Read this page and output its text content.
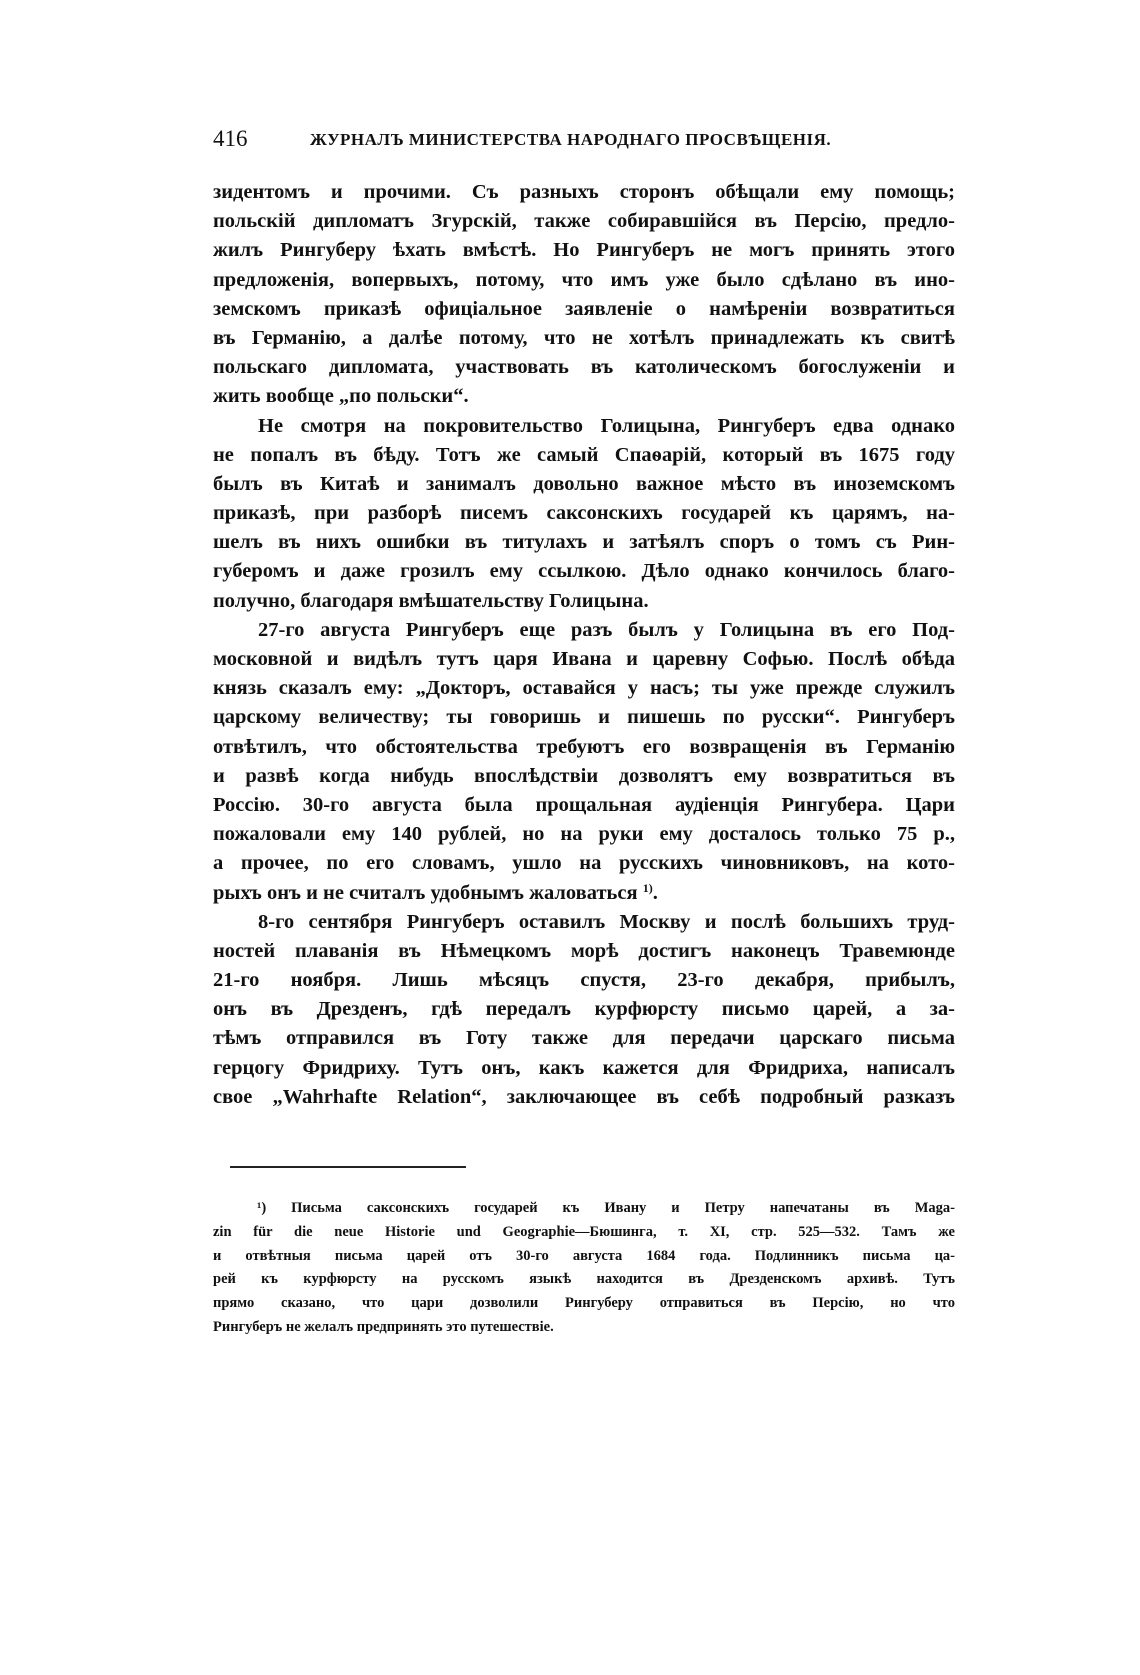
416	ЖУРНАЛЪ МИНИСТЕРСТВА НАРОДНАГО ПРОСВѢЩЕНІЯ.
зидентомъ и прочими. Съ разныхъ сторонъ обѣщали ему помощь;
польскій дипломатъ Згурскій, также собиравшійся въ Персію, предло-
жилъ Рингуберу ѣхать вмѣстѣ. Но Рингуберъ не могъ принять этого
предложенія, вопервыхъ, потому, что имъ уже было сдѣлано въ ино-
земскомъ приказѣ офиціальное заявленіе о намѣреніи возвратиться
въ Германію, а далѣе потому, что не хотѣлъ принадлежать къ свитѣ
польскаго дипломата, участвовать въ католическомъ богослуженіи и
жить вообще „по польски“.
Не смотря на покровительство Голицына, Рингуберъ едва однако
не попалъ въ бѣду. Тотъ же самый Спаѳарій, который въ 1675 году
былъ въ Китаѣ и занималъ довольно важное мѣсто въ иноземскомъ
приказѣ, при разборѣ писемъ саксонскихъ государей къ царямъ, на-
шелъ въ нихъ ошибки въ титулахъ и затѣялъ споръ о томъ съ Рин-
губеромъ и даже грозилъ ему ссылкою. Дѣло однако кончилось благо-
получно, благодаря вмѣшательству Голицына.
27-го августа Рингуберъ еще разъ былъ у Голицына въ его Под-
московной и видѣлъ тутъ царя Ивана и царевну Софью. Послѣ обѣда
князь сказалъ ему: „Докторъ, оставайся у насъ; ты уже прежде служилъ
царскому величеству; ты говоришь и пишешь по русски“. Рингуберъ
отвѣтилъ, что обстоятельства требуютъ его возвращенія въ Германію
и развѣ когда нибудь впослѣдствіи дозволятъ ему возвратиться въ
Россію. 30-го августа была прощальная аудіенція Рингубера. Цари
пожаловали ему 140 рублей, но на руки ему досталось только 75 р.,
а прочее, по его словамъ, ушло на русскихъ чиновниковъ, на кото-
рыхъ онъ и не считалъ удобнымъ жаловаться $^{1)}$.
8-го сентября Рингуберъ оставилъ Москву и послѣ большихъ труд-
ностей плаванія въ Нѣмецкомъ морѣ достигъ наконецъ Травемюнде
21-го ноября. Лишь мѣсяцъ спустя, 23-го декабря, прибылъ,
онъ въ Дрезденъ, гдѣ передалъ курфюрсту письмо царей, а за-
тѣмъ отправился въ Готу также для передачи царскаго письма
герцогу Фридриху. Тутъ онъ, какъ кажется для Фридриха, написалъ
свое „Wahrhafte Relation“, заключающее въ себѣ подробный разказъ
¹) Письма саксонскихъ государей къ Ивану и Петру напечатаны въ Maga-
zin für die neue Historie und Geographie—Бюшинга, т. XI, стр. 525—532. Тамъ же
и отвѣтныя письма царей отъ 30-го августа 1684 года. Подлинникъ письма ца-
рей къ курфюрсту на русскомъ языкѣ находится въ Дрезденскомъ архивѣ. Тутъ
прямо сказано, что цари дозволили Рингуберу отправиться въ Персію, но что
Рингуберъ не желалъ предпринять это путешествіе.
